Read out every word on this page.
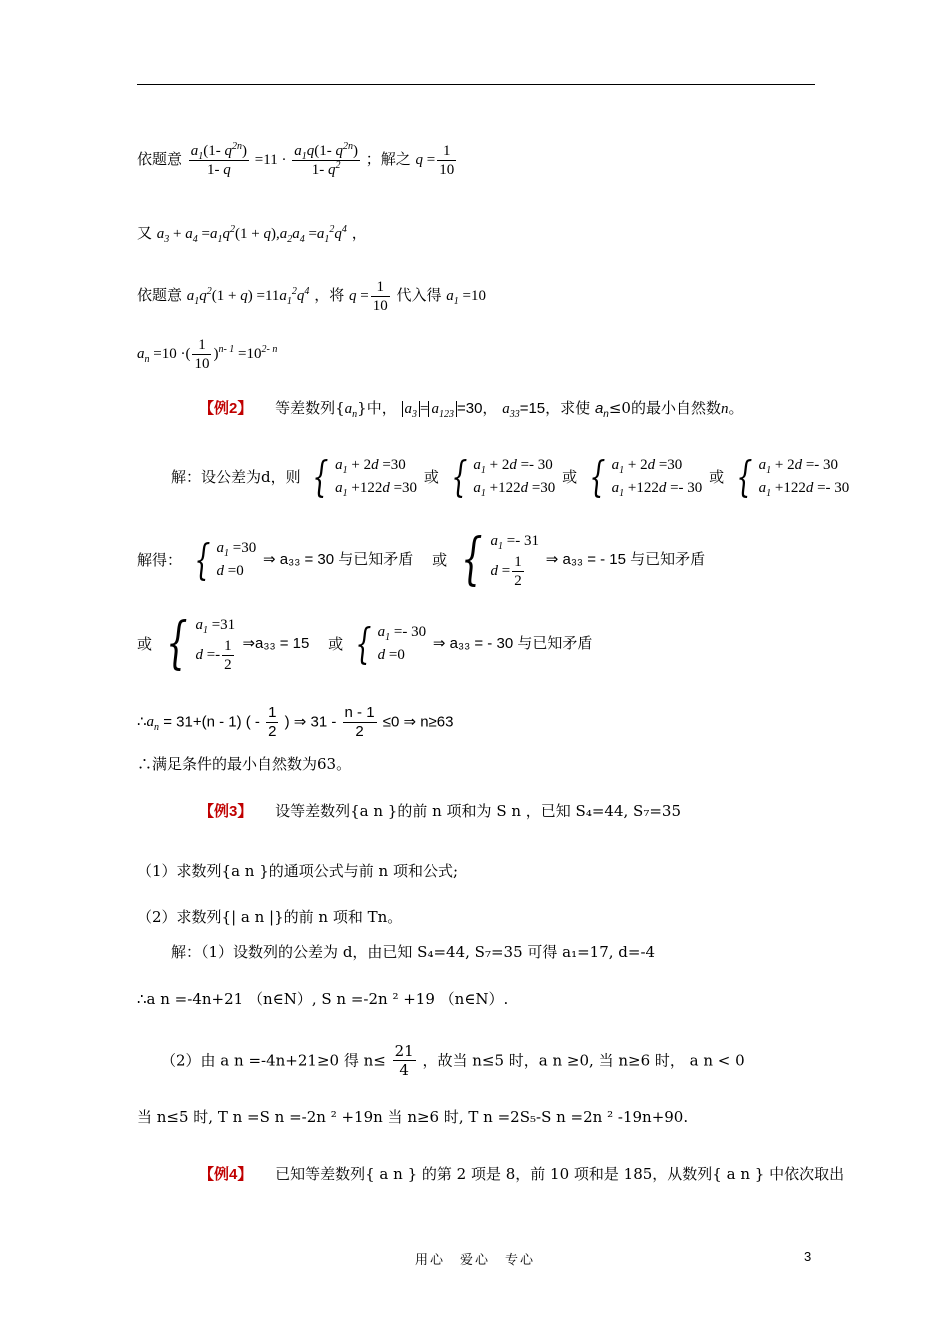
依题意 $\frac{a_1(1- q^{2n})}{1- q} =11 \cdot \frac{a_1q(1- q^{2n})}{1- q^2}$ ；解之 $q = \frac{1}{10}$
又 $a_3 + a_4 =a_1q^2(1 + q),a_2a_4 =a_1^2q^4$ ，
依题意 $a_1q^2(1 + q) =11a_1^2q^4$ ，将 $q = \frac{1}{10}$ 代入得 $a_1 =10$
$a_n =10$ ·( $\frac{1}{10} )^{n- 1} =10^{2- n}$
【例2】 等差数列$\{a_n\}$中， $a_3 = a_{123} =30$， $a_{33}=15$，求使 $a_n\le 0$的最小自然数n。
解：设公差为d，则 { $a_1 + 2d =30$
$a_1 +122d =30$
或 { $a_1 + 2d =- 30$
$a_1 +122d =30$
或 { $a_1 + 2d =30$
$a_1 +122d =- 30$
或 { $a_1 + 2d =- 30$
$a_1 +122d =- 30$
解得： { $a_1 =30$
d =0
⇒ a₃₃ = 30 与已知矛盾 或 { $a_1 =- 31$
$d = \frac{1}{2}$ ⇒ a₃₃ = - 15 与已知矛盾
或 { $a_1 =31$
$d =- \frac{1}{2}$ ⇒a₃₃ = 15 或 { $a_1 =- 30$
d =0
⇒ a₃₃ = - 30 与已知矛盾
$\therefore a_n = 31+(n - 1)$ ( - $\frac{1}{2}$ ) ⇒ $31 - \frac{n - 1}{2} \le 0$ ⇒ n≥63
∴满足条件的最小自然数为63。
【例3】 设等差数列{a n }的前 n 项和为 S n ，已知 S₄=44, S₇=35
（1）求数列{a n }的通项公式与前 n 项和公式;
（2）求数列{| a n |}的前 n 项和 Tn。
解：（1）设数列的公差为 d，由已知 S₄=44, S₇=35 可得 a₁=17, d=-4
∴a n =-4n+21 （n∈N）, S n =-2n ² +19 （n∈N）.
（2）由 a n =-4n+21≥0 得 $n\le \frac{21}{4}$ ，故当 n≤5 时，a n ≥0, 当 n≥6 时， a n < 0
当 n≤5 时, T n =S n =-2n ² +19n 当 n≥6 时, T n =2S₅-S n =2n ² -19n+90.
【例4】 已知等差数列{ a n } 的第 2 项是 8，前 10 项和是 185，从数列{ a n } 中依次取出
用心　爱心　专心	3
